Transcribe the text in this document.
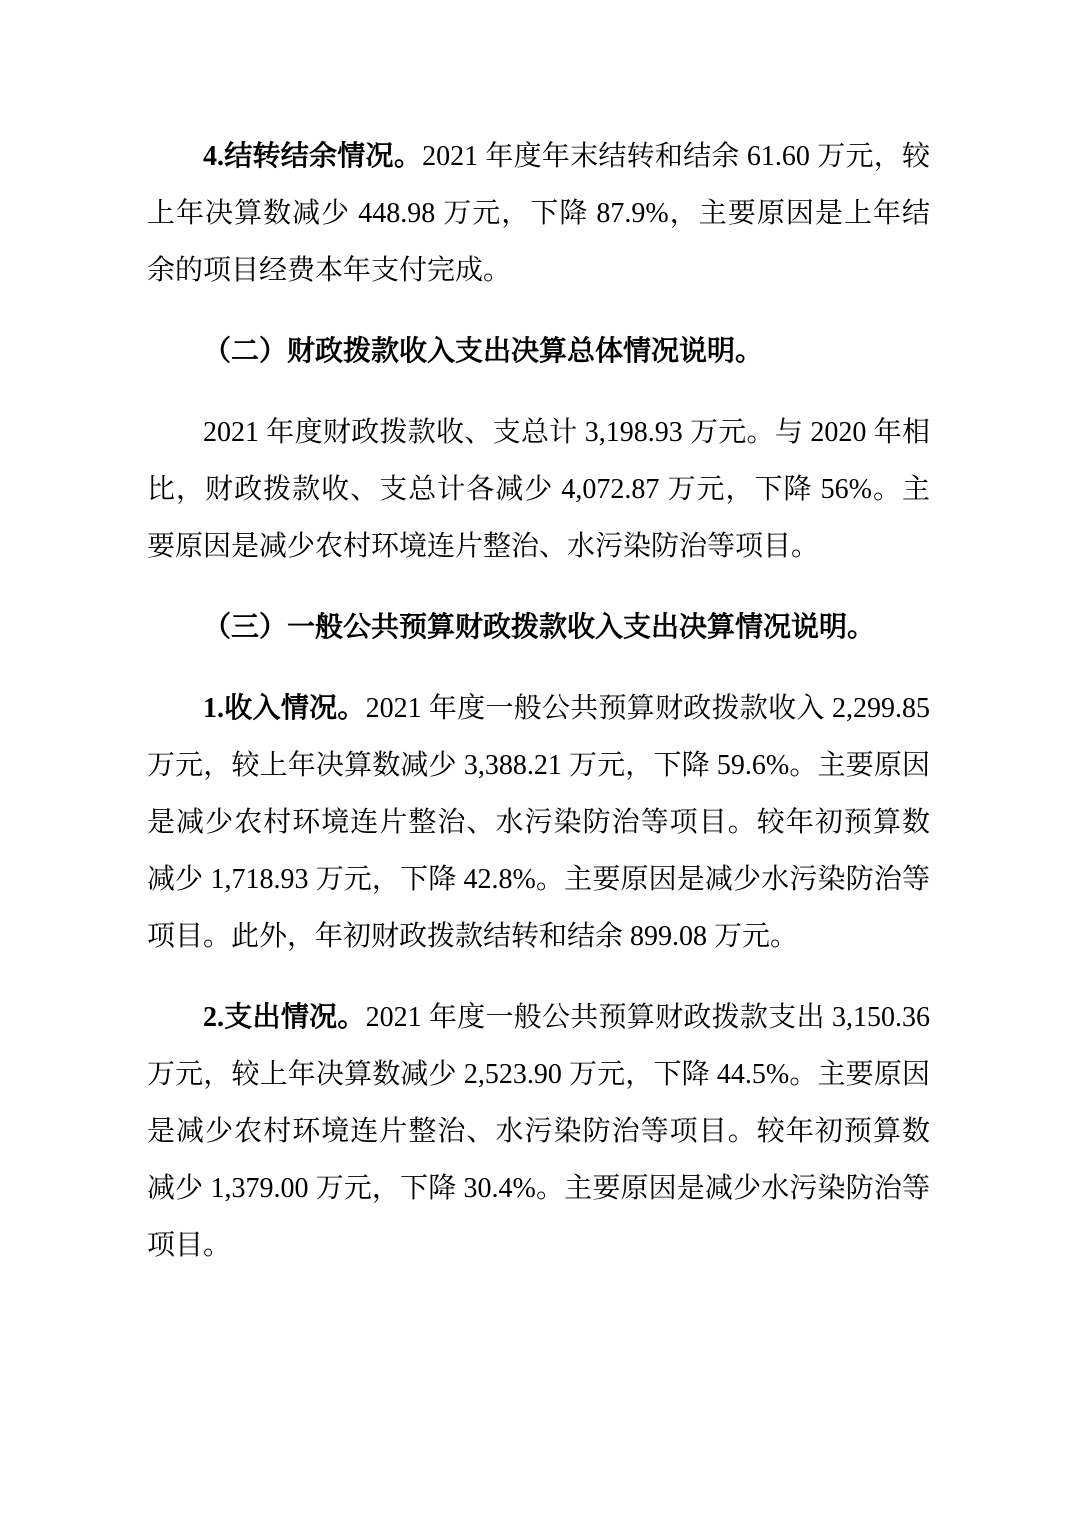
4.结转结余情况。2021 年度年末结转和结余 61.60 万元，较上年决算数减少 448.98 万元，下降 87.9%，主要原因是上年结余的项目经费本年支付完成。

（二）财政拨款收入支出决算总体情况说明。

2021 年度财政拨款收、支总计 3,198.93 万元。与 2020 年相比，财政拨款收、支总计各减少 4,072.87 万元，下降 56%。主要原因是减少农村环境连片整治、水污染防治等项目。

（三）一般公共预算财政拨款收入支出决算情况说明。

1.收入情况。2021 年度一般公共预算财政拨款收入 2,299.85 万元，较上年决算数减少 3,388.21 万元，下降 59.6%。主要原因是减少农村环境连片整治、水污染防治等项目。较年初预算数减少 1,718.93 万元，下降 42.8%。主要原因是减少水污染防治等项目。此外，年初财政拨款结转和结余 899.08 万元。

2.支出情况。2021 年度一般公共预算财政拨款支出 3,150.36 万元，较上年决算数减少 2,523.90 万元，下降 44.5%。主要原因是减少农村环境连片整治、水污染防治等项目。较年初预算数减少 1,379.00 万元，下降 30.4%。主要原因是减少水污染防治等项目。
